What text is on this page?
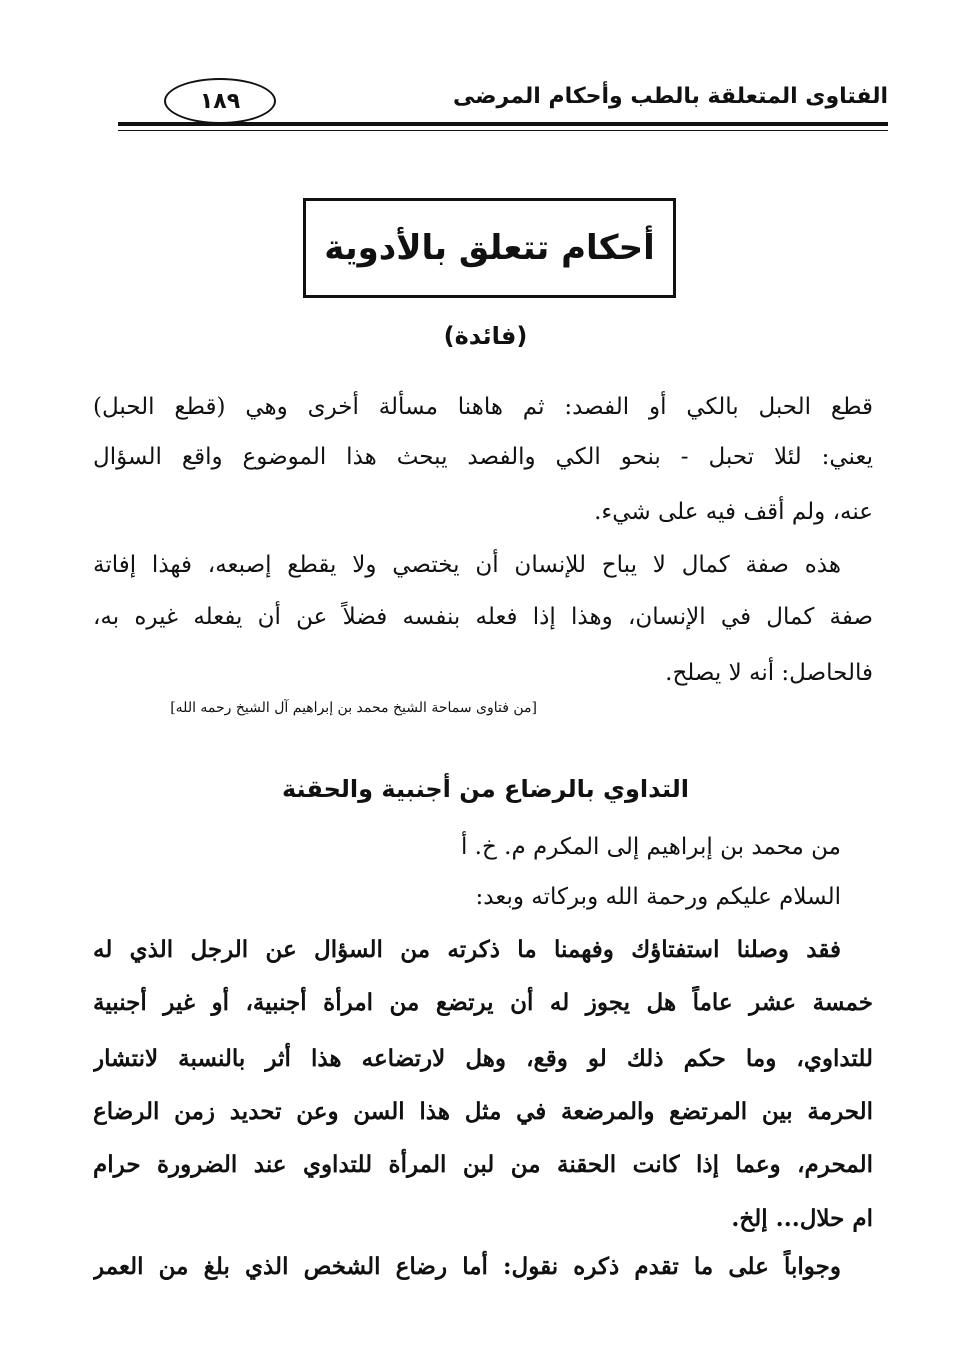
الفتاوى المتعلقة بالطب وأحكام المرضى
١٨٩
أحكام تتعلق بالأدوية
(فائدة)
قطع الحبل بالكي أو الفصد: ثم هاهنا مسألة أخرى وهي (قطع الحبل)
يعني: لئلا تحبل - بنحو الكي والفصد يبحث هذا الموضوع واقع السؤال
عنه، ولم أقف فيه على شيء.
هذه صفة كمال لا يباح للإنسان أن يختصي ولا يقطع إصبعه، فهذا إفاتة
صفة كمال في الإنسان، وهذا إذا فعله بنفسه فضلاً عن أن يفعله غيره به،
فالحاصل: أنه لا يصلح.
[من فتاوى سماحة الشيخ محمد بن إبراهيم آل الشيخ رحمه الله]
التداوي بالرضاع من أجنبية والحقنة
من محمد بن إبراهيم إلى المكرم م. خ. أ
السلام عليكم ورحمة الله وبركاته وبعد:
فقد وصلنا استفتاؤك وفهمنا ما ذكرته من السؤال عن الرجل الذي له
خمسة عشر عاماً هل يجوز له أن يرتضع من امرأة أجنبية، أو غير أجنبية
للتداوي، وما حكم ذلك لو وقع، وهل لارتضاعه هذا أثر بالنسبة لانتشار
الحرمة بين المرتضع والمرضعة في مثل هذا السن وعن تحديد زمن الرضاع
المحرم، وعما إذا كانت الحقنة من لبن المرأة للتداوي عند الضرورة حرام
ام حلال... إلخ.
وجواباً على ما تقدم ذكره نقول: أما رضاع الشخص الذي بلغ من العمر
